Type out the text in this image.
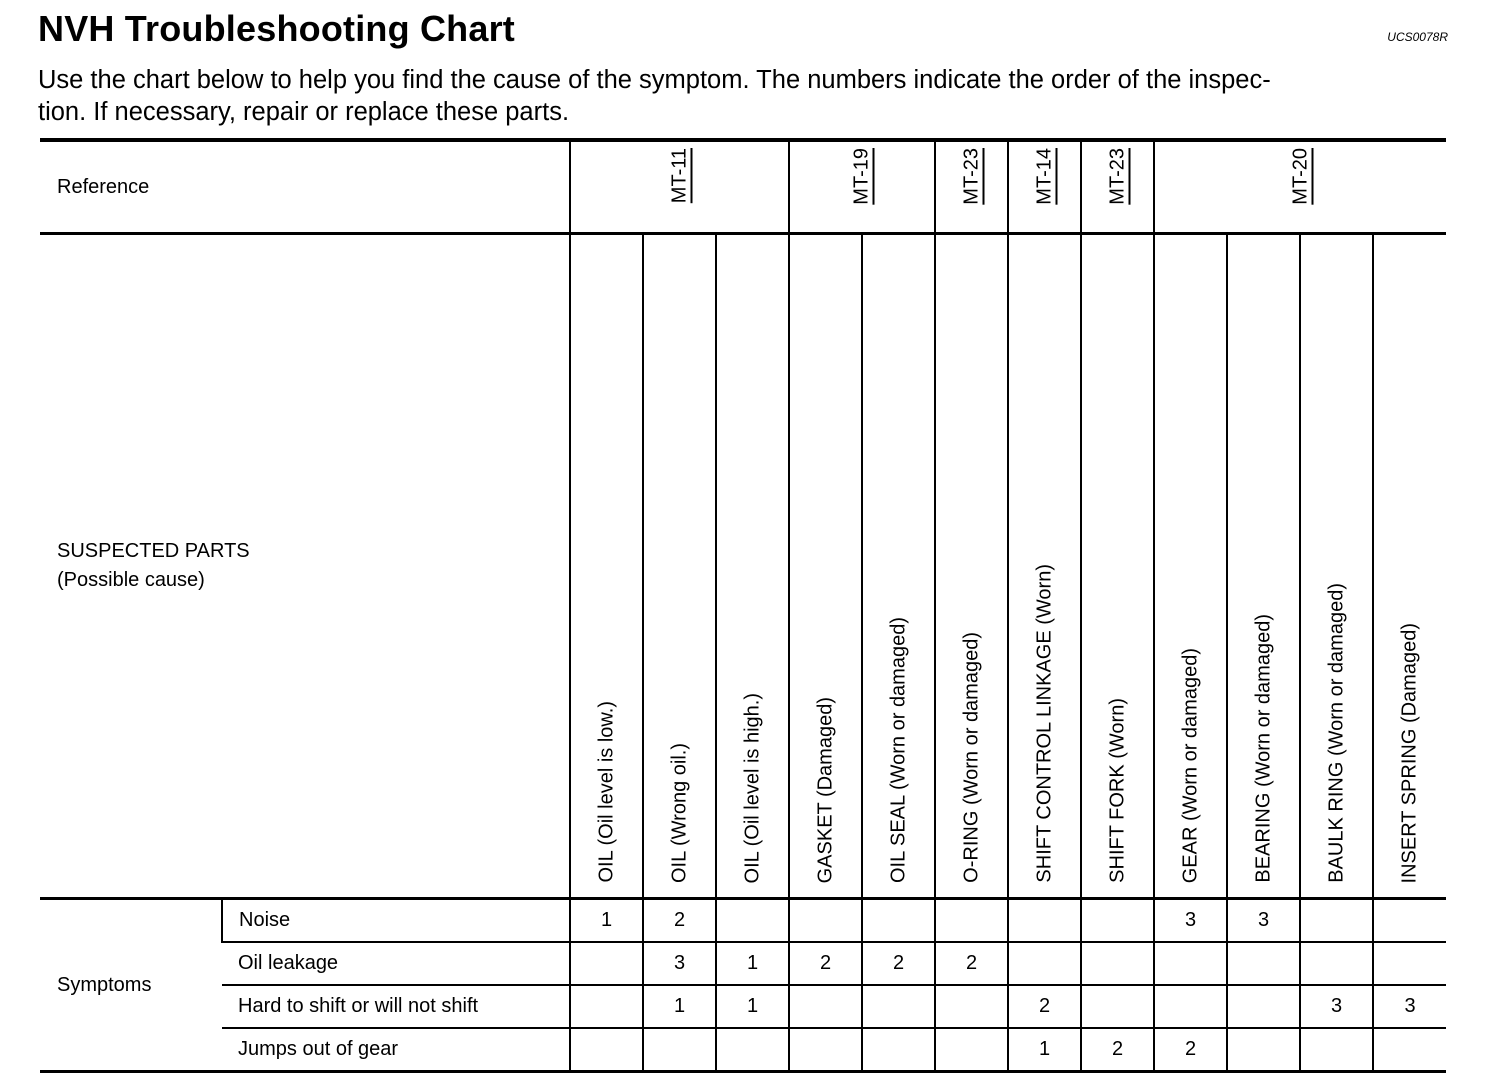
NVH Troubleshooting Chart	UCS0078R

Use the chart below to help you find the cause of the symptom. The numbers indicate the order of the inspec-

tion. If necessary, repair or replace these parts.

Reference		MT-11			MT-19		MT-23	MT-14	MT-23	MT-20			

SUSPECTED PARTS
(Possible cause)		OIL (Oil level is low.)	OIL (Wrong oil.)	OIL (Oil level is high.)	GASKET (Damaged)	OIL SEAL (Worn or damaged)	O-RING (Worn or damaged)	SHIFT CONTROL LINKAGE (Worn)	SHIFT FORK (Worn)	GEAR (Worn or damaged)	BEARING (Worn or damaged)	BAULK RING (Worn or damaged)	INSERT SPRING (Damaged)

Symptoms	Noise	1	2							3	3		
	Oil leakage		3	1	2	2	2						
	Hard to shift or will not shift		1	1				2				3	3
	Jumps out of gear							1	2	2			
